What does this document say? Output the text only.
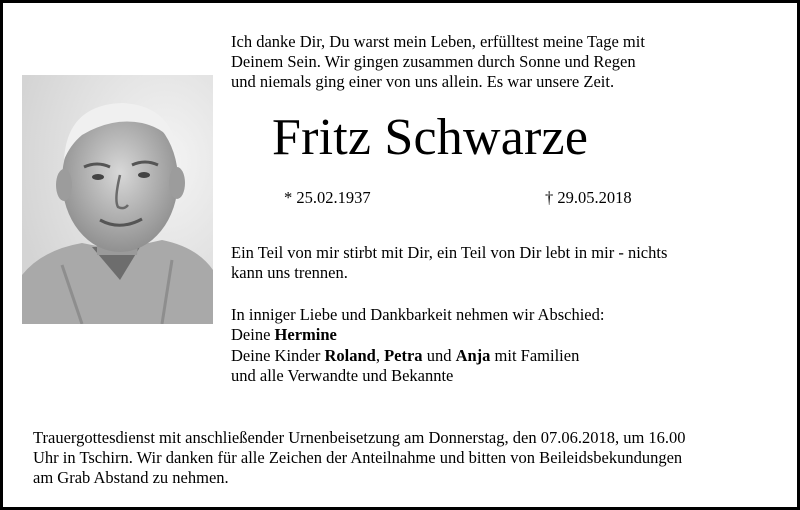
Ich danke Dir, Du warst mein Leben, erfülltest meine Tage mit
Deinem Sein. Wir gingen zusammen durch Sonne und Regen
und niemals ging einer von uns allein. Es war unsere Zeit.
Fritz Schwarze
* 25.02.1937	† 29.05.2018
Ein Teil von mir stirbt mit Dir, ein Teil von Dir lebt in mir - nichts
kann uns trennen.
In inniger Liebe und Dankbarkeit nehmen wir Abschied:
Deine Hermine
Deine Kinder Roland, Petra und Anja mit Familien
und alle Verwandte und Bekannte
Trauergottesdienst mit anschließender Urnenbeisetzung am Donnerstag, den 07.06.2018, um 16.00
Uhr in Tschirn. Wir danken für alle Zeichen der Anteilnahme und bitten von Beileidsbekundungen
am Grab Abstand zu nehmen.
